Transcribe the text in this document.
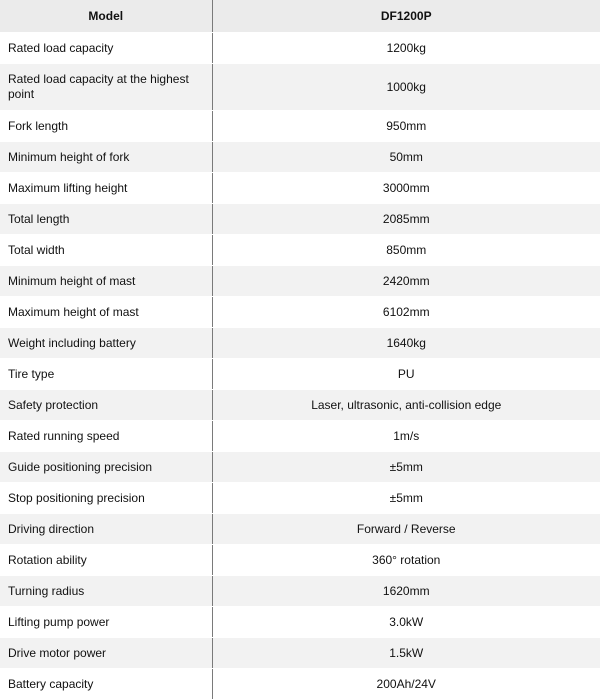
Model	DF1200P
Rated load capacity	1200kg
Rated load capacity at the highest point	1000kg
Fork length	950mm
Minimum height of fork	50mm
Maximum lifting height	3000mm
Total length	2085mm
Total width	850mm
Minimum height of mast	2420mm
Maximum height of mast	6102mm
Weight including battery	1640kg
Tire type	PU
Safety protection	Laser, ultrasonic, anti-collision edge
Rated running speed	1m/s
Guide positioning precision	±5mm
Stop positioning precision	±5mm
Driving direction	Forward / Reverse
Rotation ability	360° rotation
Turning radius	1620mm
Lifting pump power	3.0kW
Drive motor power	1.5kW
Battery capacity	200Ah/24V
